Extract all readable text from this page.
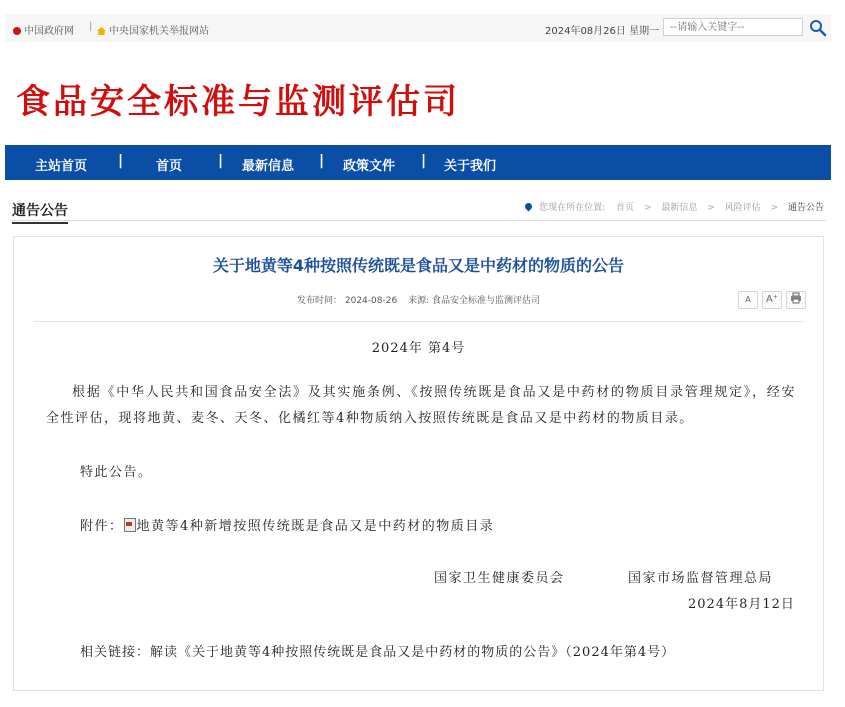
中国政府网 |	中央国家机关举报网站	2024年08月26日 星期一
--请输入关键字--
食品安全标准与监测评估司
主站首页 |	首页	| 最新信息 | 政策文件 | 关于我们
通告公告	您现在所在位置: 首页 > 最新信息 > 风险评估 > 通告公告
关于地黄等4种按照传统既是食品又是中药材的物质的公告
发布时间： 2024-08-26 来源: 食品安全标准与监测评估司	A	A⁺
2024年 第4号
根据《中华人民共和国食品安全法》及其实施条例、《按照传统既是食品又是中药材的物质目录管理规定》，经安全性评估，现将地黄、麦冬、天冬、化橘红等4种物质纳入按照传统既是食品又是中药材的物质目录。
特此公告。
附件： 地黄等4种新增按照传统既是食品又是中药材的物质目录
国家卫生健康委员会	国家市场监督管理总局
2024年8月12日
相关链接：解读《关于地黄等4种按照传统既是食品又是中药材的物质的公告》（2024年第4号）
